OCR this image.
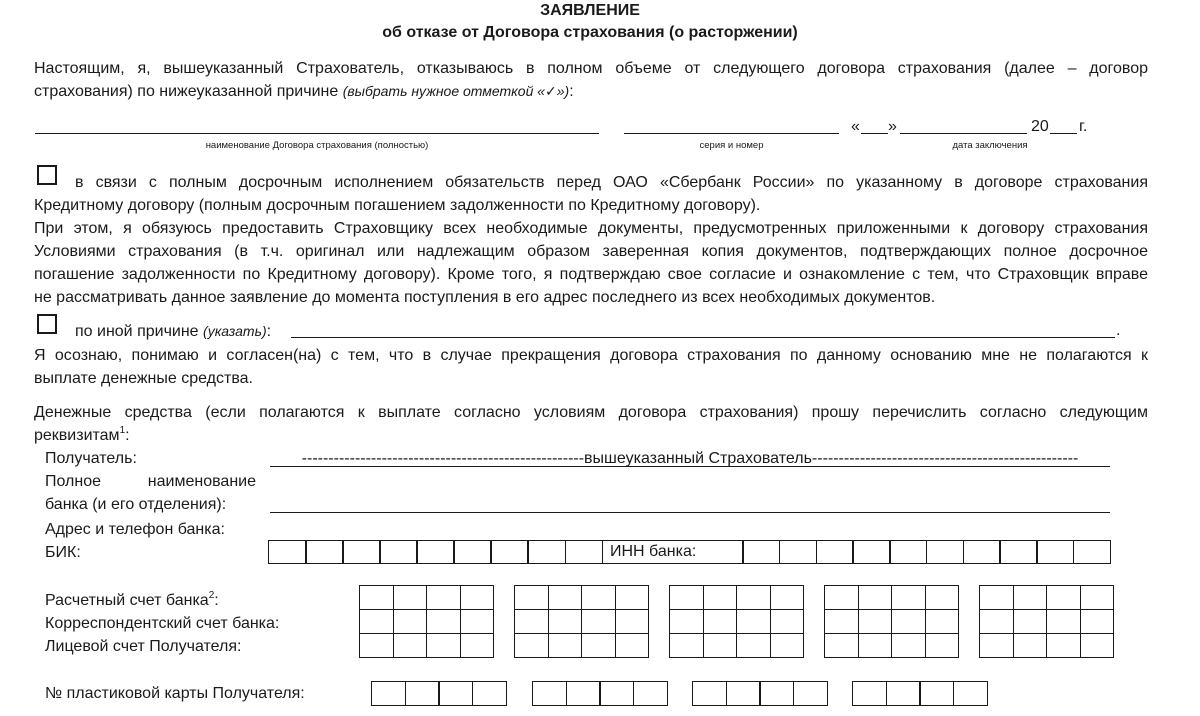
ЗАЯВЛЕНИЕ
об отказе от Договора страхования (о расторжении)
Настоящим, я, вышеуказанный Страхователь, отказываюсь в полном объеме от следующего договора страхования (далее – договор
страхования) по нижеуказанной причине (выбрать нужное отметкой «✓»):
« »	20 г.
наименование Договора страхования (полностью)	серия и номер	дата заключения
в связи с полным досрочным исполнением обязательств перед ОАО «Сбербанк России» по указанному в договоре страхования
Кредитному договору (полным досрочным погашением задолженности по Кредитному договору).
При этом, я обязуюсь предоставить Страховщику всех необходимые документы, предусмотренных приложенными к договору страхования
Условиями страхования (в т.ч. оригинал или надлежащим образом заверенная копия документов, подтверждающих полное досрочное
погашение задолженности по Кредитному договору). Кроме того, я подтверждаю свое согласие и ознакомление с тем, что Страховщик вправе
не рассматривать данное заявление до момента поступления в его адрес последнего из всех необходимых документов.
по иной причине (указать):	.
Я осознаю, понимаю и согласен(на) с тем, что в случае прекращения договора страхования по данному основанию мне не полагаются к
выплате денежные средства.
Денежные средства (если полагаются к выплате согласно условиям договора страхования) прошу перечислить согласно следующим
реквизитам$^1$:
Получатель:	-----------------------------------------------------вышеуказанный Страхователь--------------------------------------------------
Полное	наименование
банка (и его отделения):
Адрес и телефон банка:
БИК:	ИНН банка:
Расчетный счет банка$^2$:
Корреспондентский счет банка:
Лицевой счет Получателя:
№ пластиковой карты Получателя:
